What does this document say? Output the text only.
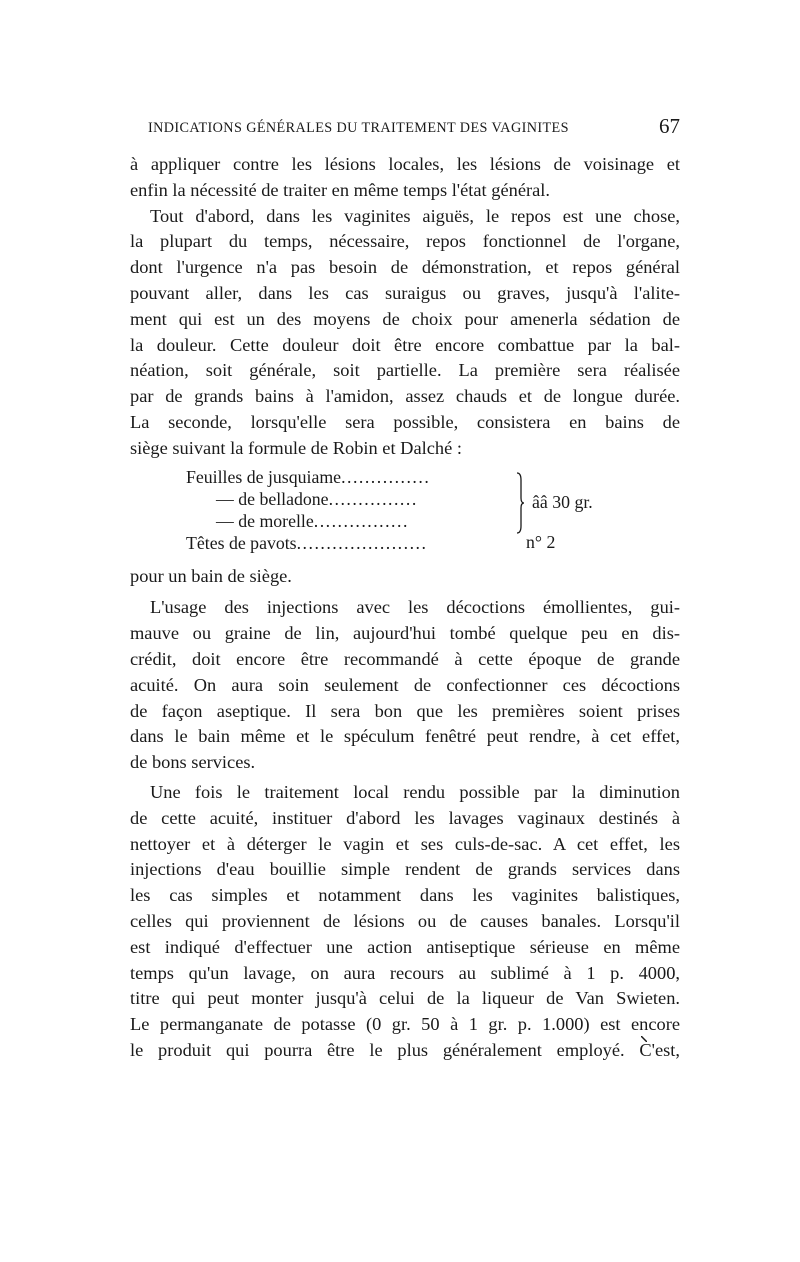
INDICATIONS GÉNÉRALES DU TRAITEMENT DES VAGINITES	67
à appliquer contre les lésions locales, les lésions de voisinage et
enfin la nécessité de traiter en même temps l'état général.
Tout d'abord, dans les vaginites aiguës, le repos est une chose,
la plupart du temps, nécessaire, repos fonctionnel de l'organe,
dont l'urgence n'a pas besoin de démonstration, et repos général
pouvant aller, dans les cas suraigus ou graves, jusqu'à l'alite-
ment qui est un des moyens de choix pour amenerla sédation de
la douleur. Cette douleur doit être encore combattue par la bal-
néation, soit générale, soit partielle. La première sera réalisée
par de grands bains à l'amidon, assez chauds et de longue durée.
La seconde, lorsqu'elle sera possible, consistera en bains de
siège suivant la formule de Robin et Dalché :
Feuilles de jusquiame...............
— de belladone...............
— de morelle................
ââ 30 gr.
Têtes de pavots......................	n° 2
pour un bain de siège.
L'usage des injections avec les décoctions émollientes, gui-
mauve ou graine de lin, aujourd'hui tombé quelque peu en dis-
crédit, doit encore être recommandé à cette époque de grande
acuité. On aura soin seulement de confectionner ces décoctions
de façon aseptique. Il sera bon que les premières soient prises
dans le bain même et le spéculum fenêtré peut rendre, à cet effet,
de bons services.
Une fois le traitement local rendu possible par la diminution
de cette acuité, instituer d'abord les lavages vaginaux destinés à
nettoyer et à déterger le vagin et ses culs-de-sac. A cet effet, les
injections d'eau bouillie simple rendent de grands services dans
les cas simples et notamment dans les vaginites balistiques,
celles qui proviennent de lésions ou de causes banales. Lorsqu'il
est indiqué d'effectuer une action antiseptique sérieuse en même
temps qu'un lavage, on aura recours au sublimé à 1 p. 4000,
titre qui peut monter jusqu'à celui de la liqueur de Van Swieten.
Le permanganate de potasse (0 gr. 50 à 1 gr. p. 1.000) est encore
le produit qui pourra être le plus généralement employé. C'est,
